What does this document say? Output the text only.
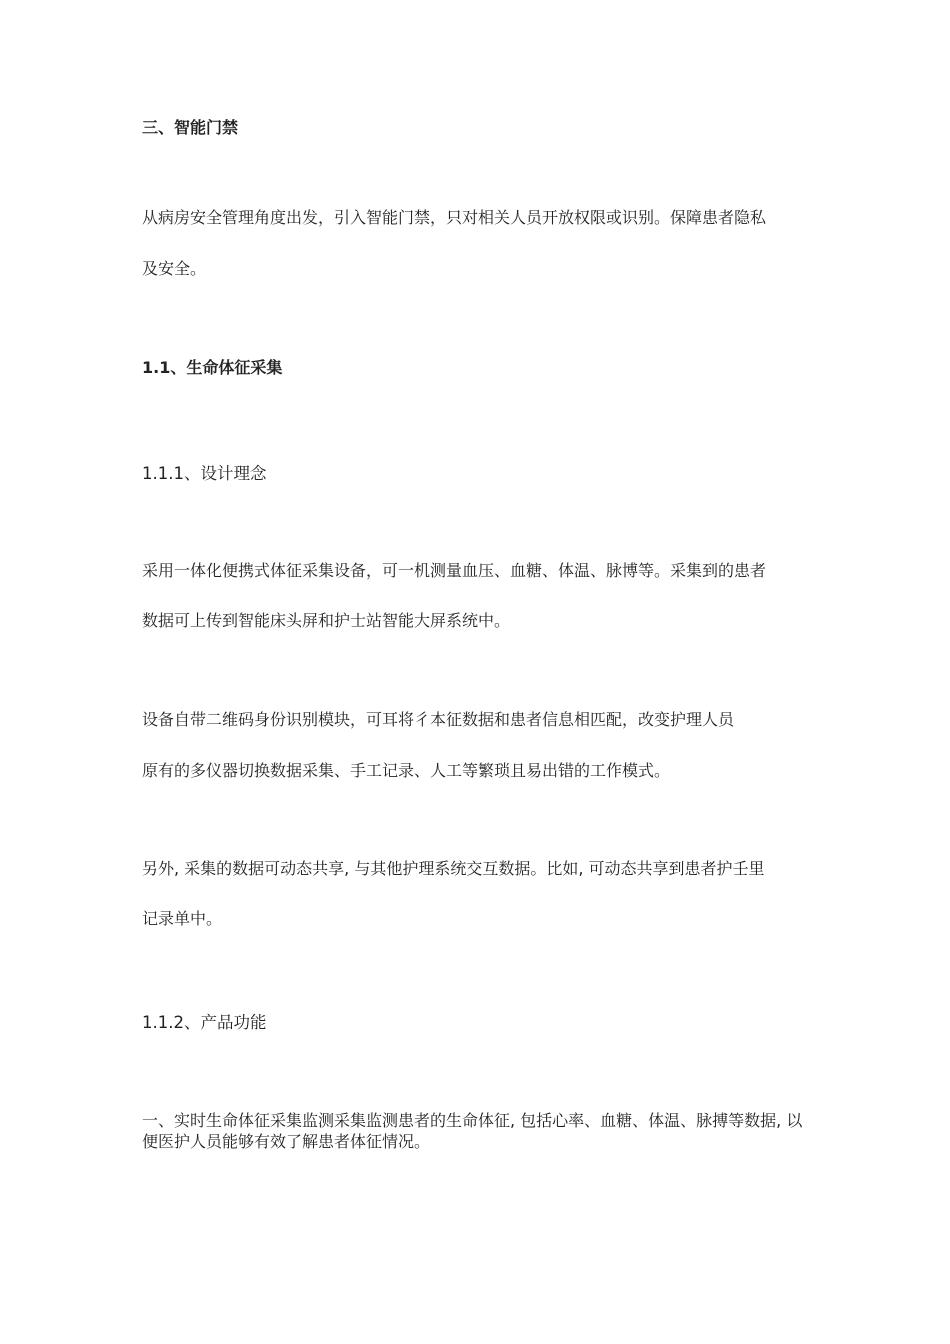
三、智能门禁
从病房安全管理角度出发，引入智能门禁，只对相关人员开放权限或识别。保障患者隐私
及安全。
1.1、生命体征采集
1.1.1、设计理念
采用一体化便携式体征采集设备，可一机测量血压、血糖、体温、脉博等。采集到的患者
数据可上传到智能床头屏和护士站智能大屏系统中。
设备自带二维码身份识别模块，可耳将彳本征数据和患者信息相匹配，改变护理人员
原有的多仪器切换数据采集、手工记录、人工等繁琐且易出错的工作模式。
另外, 采集的数据可动态共享, 与其他护理系统交互数据。比如, 可动态共享到患者护壬里
记录单中。
1.1.2、产品功能
一、实时生命体征采集监测采集监测患者的生命体征, 包括心率、血糖、体温、脉搏等数据, 以便医护人员能够有效了解患者体征情况。
